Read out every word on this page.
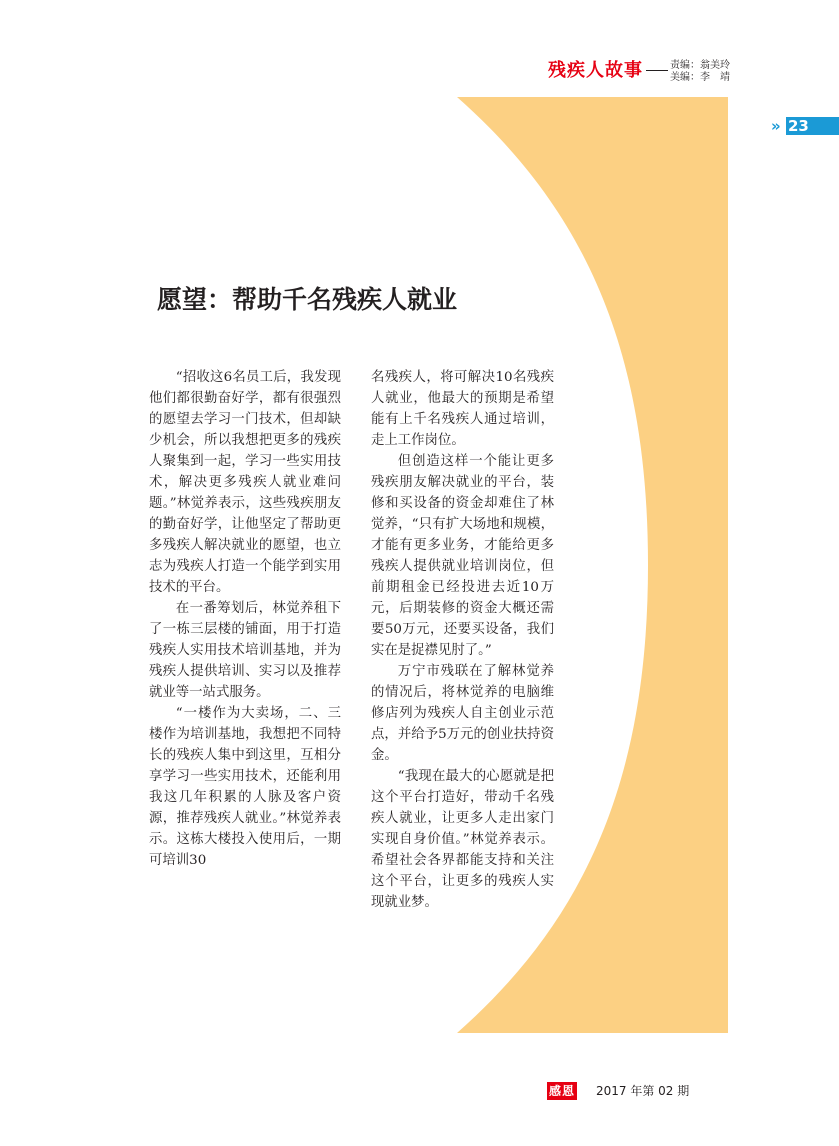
残疾人故事	责编：翁美玲
美编：李　靖
» 23
愿望：帮助千名残疾人就业

“招收这6名员工后，我发现他们都很勤奋好学，都有很强烈的愿望去学习一门技术，但却缺少机会，所以我想把更多的残疾人聚集到一起，学习一些实用技术，解决更多残疾人就业难问题。”林觉养表示，这些残疾朋友的勤奋好学，让他坚定了帮助更多残疾人解决就业的愿望，也立志为残疾人打造一个能学到实用技术的平台。

在一番筹划后，林觉养租下了一栋三层楼的铺面，用于打造残疾人实用技术培训基地，并为残疾人提供培训、实习以及推荐就业等一站式服务。

“一楼作为大卖场，二、三楼作为培训基地，我想把不同特长的残疾人集中到这里，互相分享学习一些实用技术，还能利用我这几年积累的人脉及客户资源，推荐残疾人就业。”林觉养表示。这栋大楼投入使用后，一期可培训30

名残疾人，将可解决10名残疾人就业，他最大的预期是希望能有上千名残疾人通过培训，走上工作岗位。

但创造这样一个能让更多残疾朋友解决就业的平台，装修和买设备的资金却难住了林觉养，“只有扩大场地和规模，才能有更多业务，才能给更多残疾人提供就业培训岗位，但前期租金已经投进去近10万元，后期装修的资金大概还需要50万元，还要买设备，我们实在是捉襟见肘了。”

万宁市残联在了解林觉养的情况后，将林觉养的电脑维修店列为残疾人自主创业示范点，并给予5万元的创业扶持资金。

“我现在最大的心愿就是把这个平台打造好，带动千名残疾人就业，让更多人走出家门实现自身价值。”林觉养表示。希望社会各界都能支持和关注这个平台，让更多的残疾人实现就业梦。

感恩 2017 年第 02 期
